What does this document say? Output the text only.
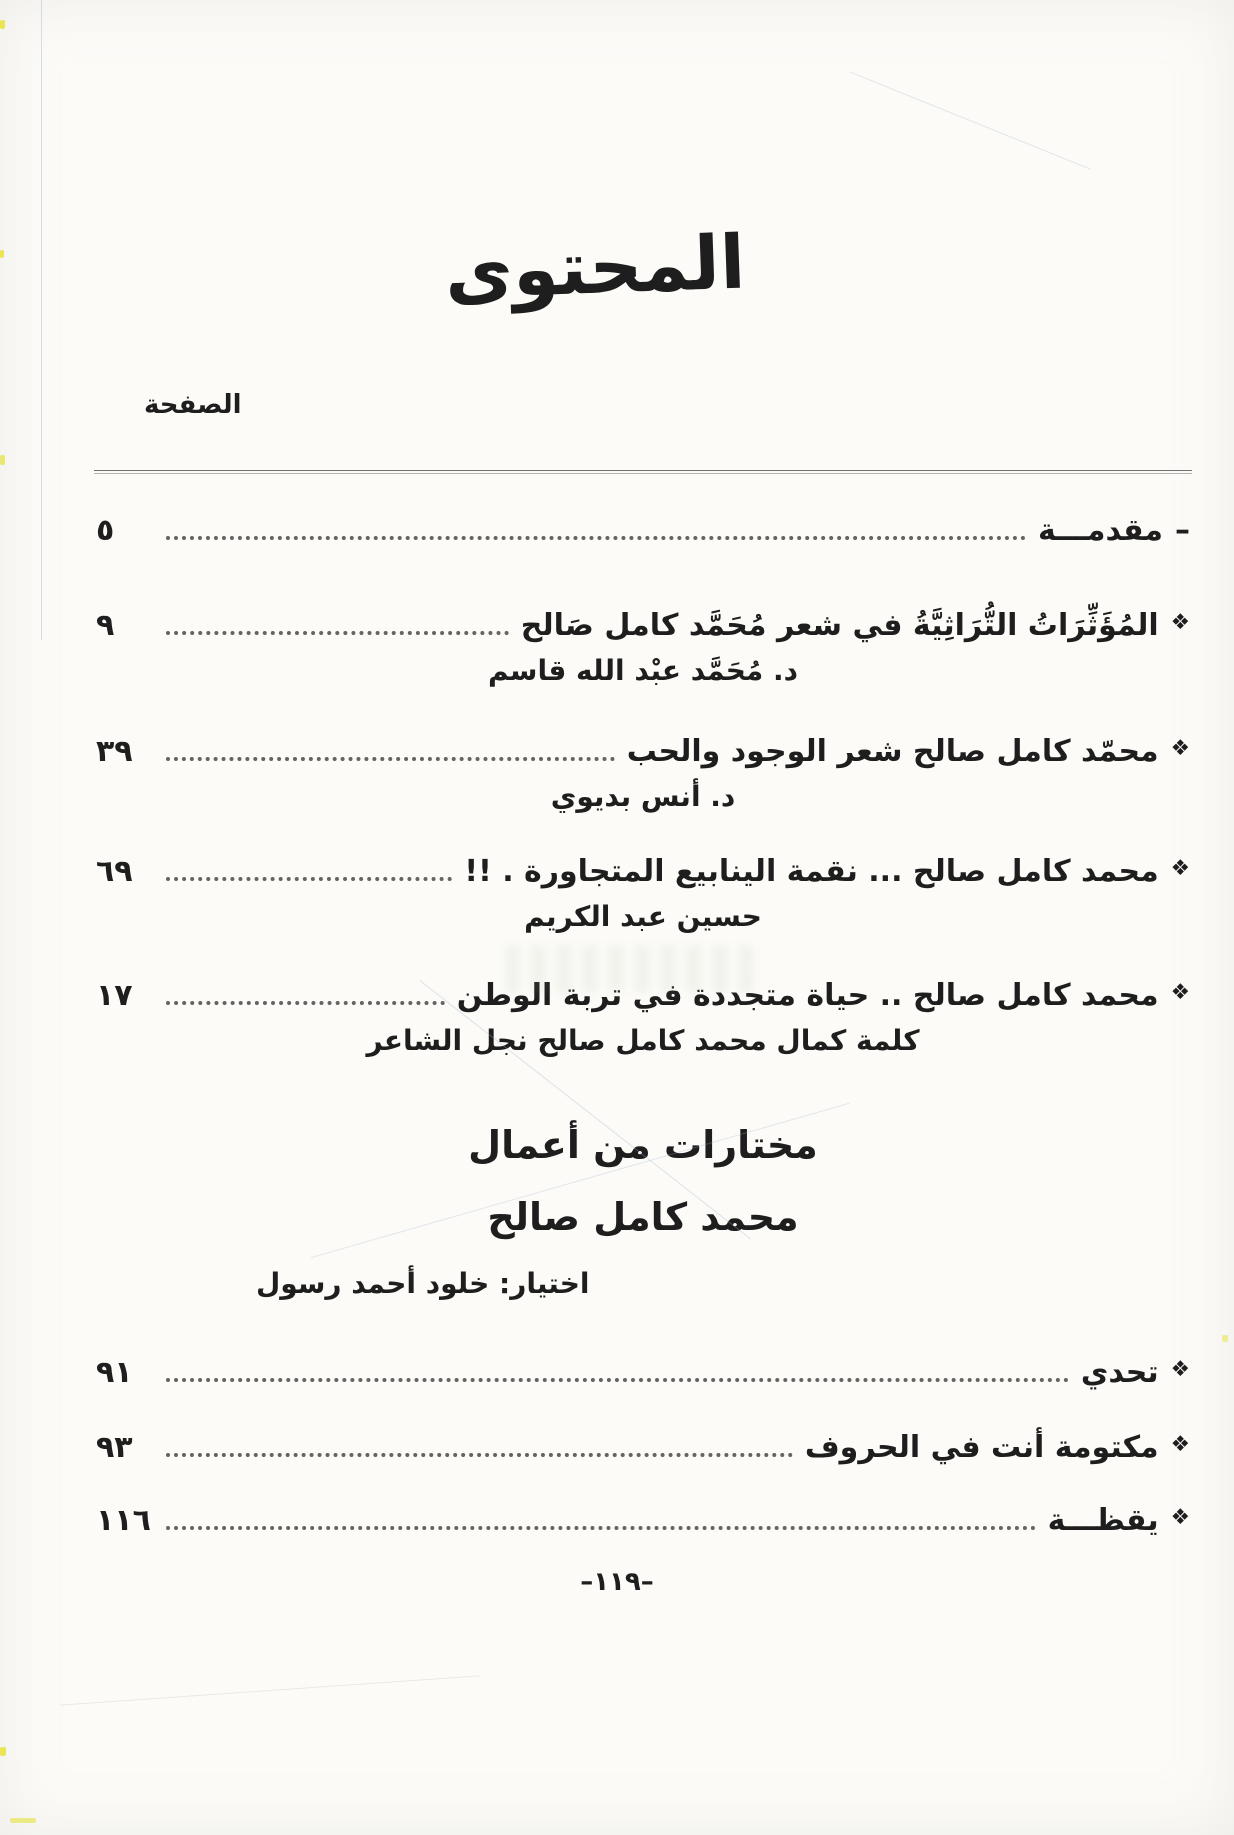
المحتوى
الصفحة
–مقدمـــة
٥
❖المُؤَثِّرَاتُ التُّرَاثِيَّةُ في شعر مُحَمَّد كامل صَالح
٩
د. مُحَمَّد عبْد الله قاسم
❖محمّد كامل صالح شعر الوجود والحب
٣٩
د. أنس بديوي
❖محمد كامل صالح ... نقمة الينابيع المتجاورة . !!
٦٩
حسين عبد الكريم
❖محمد كامل صالح .. حياة متجددة في تربة الوطن
١٧
كلمة كمال محمد كامل صالح نجل الشاعر
مختارات من أعمال
محمد كامل صالح
اختيار: خلود أحمد رسول
❖تحدي
٩١
❖مكتومة أنت في الحروف
٩٣
❖يقظـــة
١١٦
–١١٩–
